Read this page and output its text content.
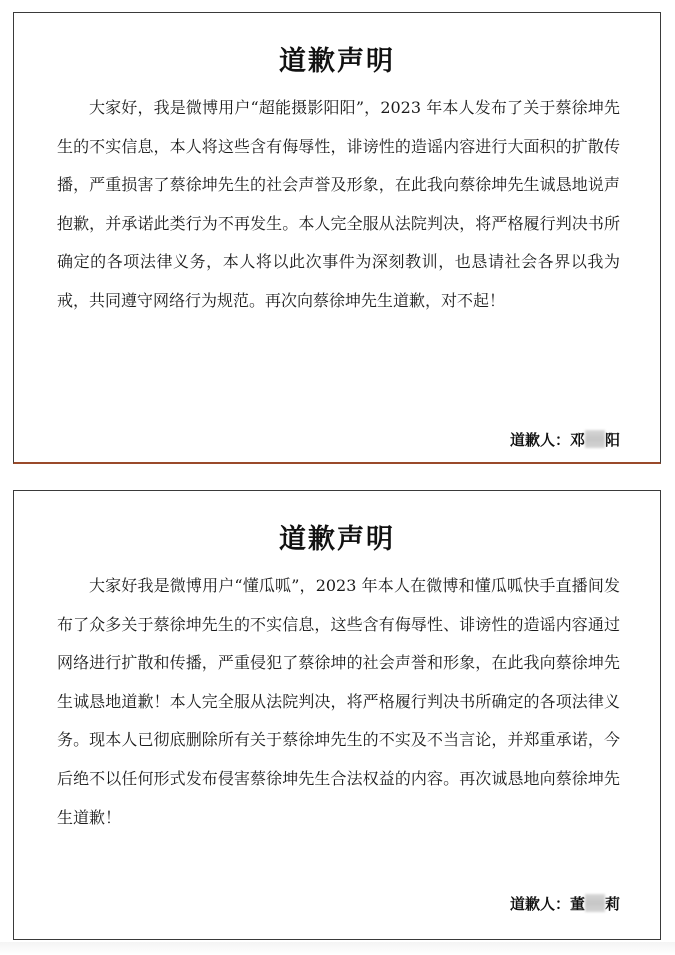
道歉声明

大家好，我是微博用户“超能摄影阳阳”，2023 年本人发布了关于蔡徐坤先生的不实信息，本人将这些含有侮辱性，诽谤性的造谣内容进行大面积的扩散传播，严重损害了蔡徐坤先生的社会声誉及形象，在此我向蔡徐坤先生诚恳地说声抱歉，并承诺此类行为不再发生。本人完全服从法院判决，将严格履行判决书所确定的各项法律义务，本人将以此次事件为深刻教训，也恳请社会各界以我为戒，共同遵守网络行为规范。再次向蔡徐坤先生道歉，对不起！

道歉人：邓 阳
道歉声明

大家好我是微博用户“懂瓜呱”，2023 年本人在微博和懂瓜呱快手直播间发布了众多关于蔡徐坤先生的不实信息，这些含有侮辱性、诽谤性的造谣内容通过网络进行扩散和传播，严重侵犯了蔡徐坤的社会声誉和形象，在此我向蔡徐坤先生诚恳地道歉！本人完全服从法院判决，将严格履行判决书所确定的各项法律义务。现本人已彻底删除所有关于蔡徐坤先生的不实及不当言论，并郑重承诺，今后绝不以任何形式发布侵害蔡徐坤先生合法权益的内容。再次诚恳地向蔡徐坤先生道歉！

道歉人：董 莉
